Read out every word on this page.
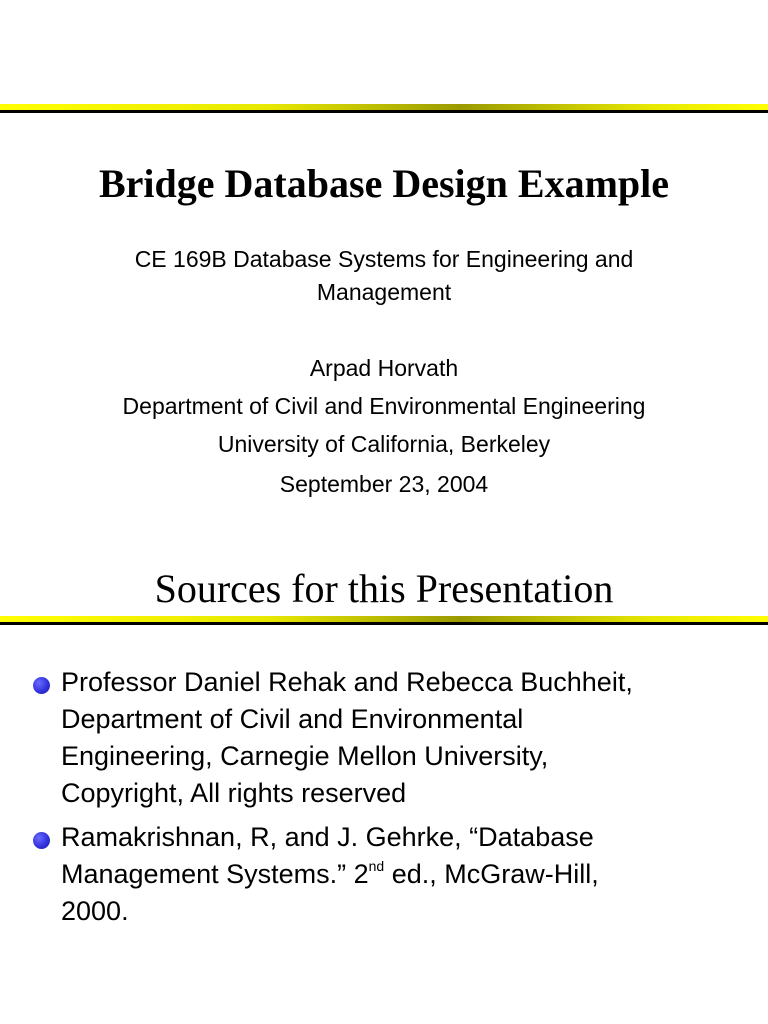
Bridge Database Design Example

CE 169B Database Systems for Engineering and

Management

Arpad Horvath

Department of Civil and Environmental Engineering

University of California, Berkeley

September 23, 2004

Sources for this Presentation
Professor Daniel Rehak and Rebecca Buchheit,
Department of Civil and Environmental
Engineering, Carnegie Mellon University,
Copyright, All rights reserved
Ramakrishnan, R, and J. Gehrke, “Database
Management Systems.” 2nd ed., McGraw-Hill,
2000.
